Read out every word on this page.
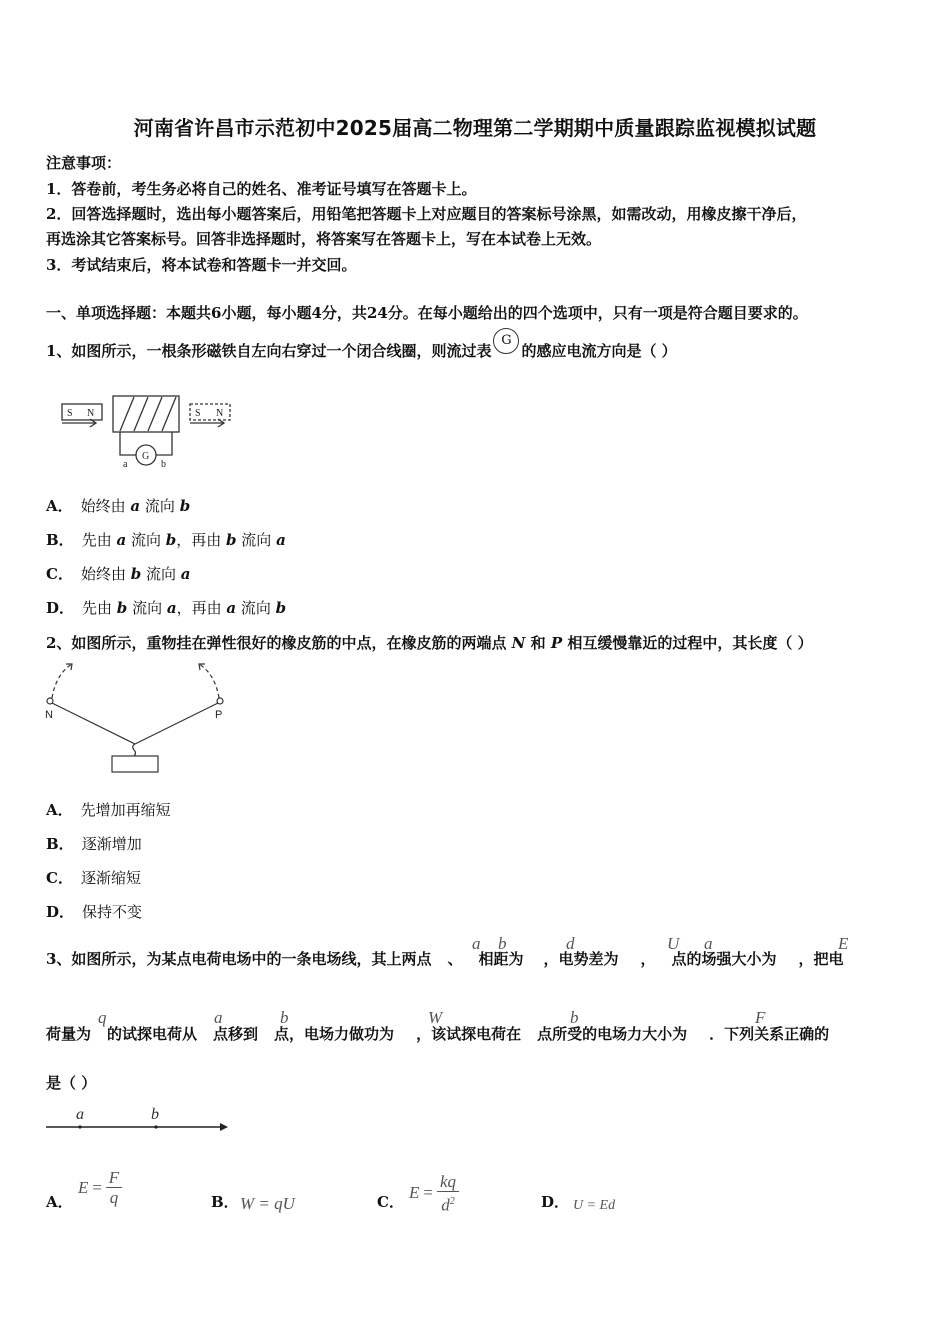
河南省许昌市示范初中2025届高二物理第二学期期中质量跟踪监视模拟试题
注意事项：
1．答卷前，考生务必将自己的姓名、准考证号填写在答题卡上。
2．回答选择题时，选出每小题答案后，用铅笔把答题卡上对应题目的答案标号涂黑，如需改动，用橡皮擦干净后，
再选涂其它答案标号。回答非选择题时，将答案写在答题卡上，写在本试卷上无效。
3．考试结束后，将本试卷和答题卡一并交回。
一、单项选择题：本题共6小题，每小题4分，共24分。在每小题给出的四个选项中，只有一项是符合题目要求的。
1、如图所示，一根条形磁铁自左向右穿过一个闭合线圈，则流过表G的感应电流方向是（ ）
S N	S N
G
a	b
A． 始终由 a 流向 b
B． 先由 a 流向 b，再由 b 流向 a
C． 始终由 b 流向 a
D． 先由 b 流向 a，再由 a 流向 b
2、如图所示，重物挂在弹性很好的橡皮筋的中点，在橡皮筋的两端点 N 和 P 相互缓慢靠近的过程中，其长度（ ）
N	P
A． 先增加再缩短
B． 逐渐增加
C． 逐渐缩短
D． 保持不变
3、如图所示，为某点电荷电场中的一条电场线，其上两点 、 相距为 ，电势差为 ， 点的场强大小为 ，把电
a b	d	U a	E
荷量为 的试探电荷从 点移到 点，电场力做功为 ，该试探电荷在 点所受的电场力大小为 ．下列关系正确的
q	a	b	W	b	F
是（ ）
a	b
A．
E = F
q	B． W = qU	C． E =
kq
$d^2$	D． U = Ed
